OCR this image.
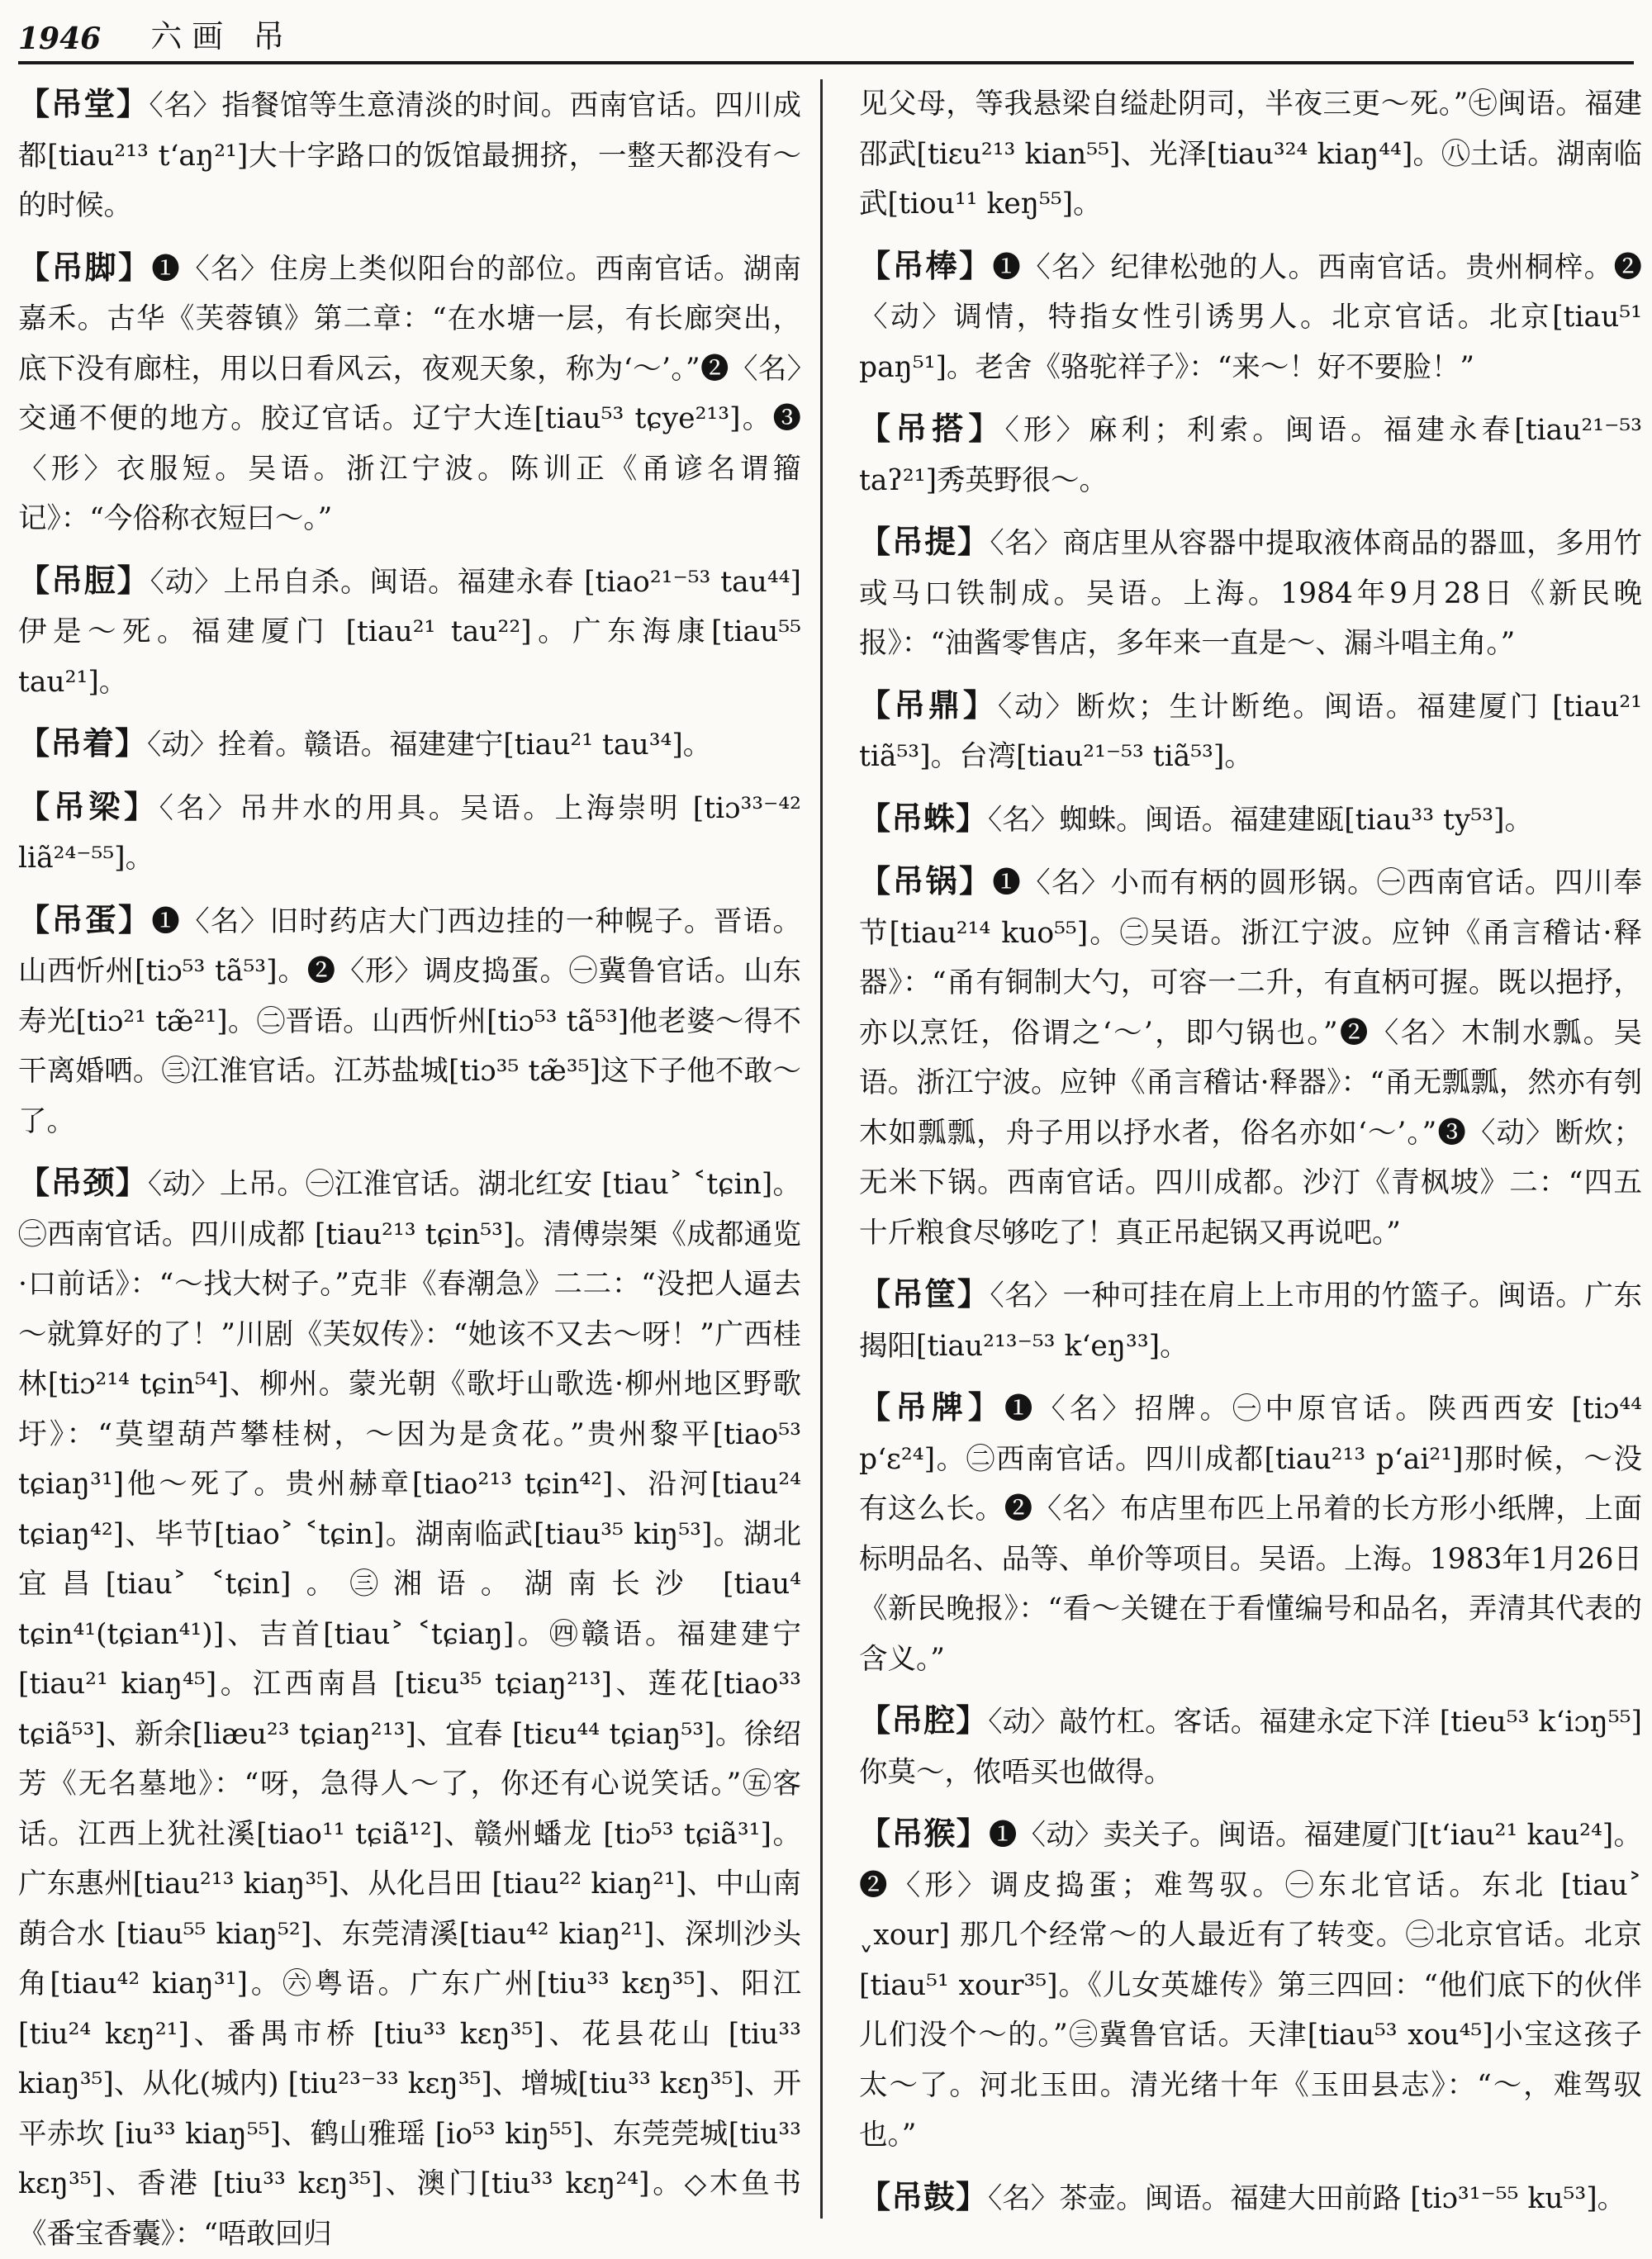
1946 六画 吊

【吊堂】〈名〉指餐馆等生意清淡的时间。西南官话。四川成都[tiau²¹³ tʻaŋ²¹]大十字路口的饭馆最拥挤，一整天都没有～的时候。

【吊脚】❶〈名〉住房上类似阳台的部位。西南官话。湖南嘉禾。古华《芙蓉镇》第二章：“在水塘一层，有长廊突出，底下没有廊柱，用以日看风云，夜观天象，称为‘～’。”❷〈名〉交通不便的地方。胶辽官话。辽宁大连[tiau⁵³ tɕye²¹³]。❸〈形〉衣服短。吴语。浙江宁波。陈训正《甬谚名谓籀记》：“今俗称衣短曰～。”

【吊脰】〈动〉上吊自杀。闽语。福建永春 [tiao²¹⁻⁵³ tau⁴⁴]伊是～死。福建厦门 [tiau²¹ tau²²]。广东海康[tiau⁵⁵ tau²¹]。

【吊着】〈动〉拴着。赣语。福建建宁[tiau²¹ tau³⁴]。

【吊梁】〈名〉吊井水的用具。吴语。上海崇明 [tiɔ³³⁻⁴² liã²⁴⁻⁵⁵]。

【吊蛋】❶〈名〉旧时药店大门西边挂的一种幌子。晋语。山西忻州[tiɔ⁵³ tã⁵³]。❷〈形〉调皮捣蛋。㊀冀鲁官话。山东寿光[tiɔ²¹ tæ̃²¹]。㊁晋语。山西忻州[tiɔ⁵³ tã⁵³]他老婆～得不干离婚哂。㊂江淮官话。江苏盐城[tiɔ³⁵ tæ̃³⁵]这下子他不敢～了。

【吊颈】〈动〉上吊。㊀江淮官话。湖北红安 [tiau˃ ˂tɕin]。㊁西南官话。四川成都 [tiau²¹³ tɕin⁵³]。清傅崇榘《成都通览·口前话》：“～找大树子。”克非《春潮急》二二：“没把人逼去～就算好的了！”川剧《芙奴传》：“她该不又去～呀！”广西桂林[tiɔ²¹⁴ tɕin⁵⁴]、柳州。蒙光朝《歌圩山歌选·柳州地区野歌圩》：“莫望葫芦攀桂树，～因为是贪花。”贵州黎平[tiao⁵³ tɕiaŋ³¹]他～死了。贵州赫章[tiao²¹³ tɕin⁴²]、沿河[tiau²⁴ tɕiaŋ⁴²]、毕节[tiao˃ ˂tɕin]。湖南临武[tiau³⁵ kiŋ⁵³]。湖北宜昌[tiau˃ ˂tɕin]。㊂湘语。湖南长沙 [tiau⁴ tɕin⁴¹(tɕian⁴¹)]、吉首[tiau˃ ˂tɕiaŋ]。㊃赣语。福建建宁[tiau²¹ kiaŋ⁴⁵]。江西南昌 [tiɛu³⁵ tɕiaŋ²¹³]、莲花[tiao³³ tɕiã⁵³]、新余[liæu²³ tɕiaŋ²¹³]、宜春 [tiɛu⁴⁴ tɕiaŋ⁵³]。徐绍芳《无名墓地》：“呀，急得人～了，你还有心说笑话。”㊄客话。江西上犹社溪[tiao¹¹ tɕiã¹²]、赣州蟠龙 [tiɔ⁵³ tɕiã³¹]。广东惠州[tiau²¹³ kiaŋ³⁵]、从化吕田 [tiau²² kiaŋ²¹]、中山南蓢合水 [tiau⁵⁵ kiaŋ⁵²]、东莞清溪[tiau⁴² kiaŋ²¹]、深圳沙头角[tiau⁴² kiaŋ³¹]。㊅粤语。广东广州[tiu³³ kɛŋ³⁵]、阳江[tiu²⁴ kɛŋ²¹]、番禺市桥 [tiu³³ kɛŋ³⁵]、花县花山 [tiu³³ kiaŋ³⁵]、从化(城内) [tiu²³⁻³³ kɛŋ³⁵]、增城[tiu³³ kɛŋ³⁵]、开平赤坎 [iu³³ kiaŋ⁵⁵]、鹤山雅瑶 [io⁵³ kiŋ⁵⁵]、东莞莞城[tiu³³ kɛŋ³⁵]、香港 [tiu³³ kɛŋ³⁵]、澳门[tiu³³ kɛŋ²⁴]。◇木鱼书《番宝香囊》：“唔敢回归

见父母，等我悬梁自缢赴阴司，半夜三更～死。”㊆闽语。福建邵武[tiɛu²¹³ kian⁵⁵]、光泽[tiau³²⁴ kiaŋ⁴⁴]。㊇土话。湖南临武[tiou¹¹ keŋ⁵⁵]。

【吊棒】❶〈名〉纪律松弛的人。西南官话。贵州桐梓。❷〈动〉调情，特指女性引诱男人。北京官话。北京[tiau⁵¹ paŋ⁵¹]。老舍《骆驼祥子》：“来～！好不要脸！”

【吊搭】〈形〉麻利；利索。闽语。福建永春[tiau²¹⁻⁵³ taʔ²¹]秀英野很～。

【吊提】〈名〉商店里从容器中提取液体商品的器皿，多用竹或马口铁制成。吴语。上海。1984年9月28日《新民晚报》：“油酱零售店，多年来一直是～、漏斗唱主角。”

【吊鼎】〈动〉断炊；生计断绝。闽语。福建厦门 [tiau²¹ tiã⁵³]。台湾[tiau²¹⁻⁵³ tiã⁵³]。

【吊蛛】〈名〉蜘蛛。闽语。福建建瓯[tiau³³ ty⁵³]。

【吊锅】❶〈名〉小而有柄的圆形锅。㊀西南官话。四川奉节[tiau²¹⁴ kuo⁵⁵]。㊁吴语。浙江宁波。应钟《甬言稽诂·释器》：“甬有铜制大勺，可容一二升，有直柄可握。既以挹抒，亦以烹饪，俗谓之‘～’，即勺锅也。”❷〈名〉木制水瓢。吴语。浙江宁波。应钟《甬言稽诂·释器》：“甬无瓢瓢，然亦有刳木如瓢瓢，舟子用以抒水者，俗名亦如‘～’。”❸〈动〉断炊；无米下锅。西南官话。四川成都。沙汀《青枫坡》二：“四五十斤粮食尽够吃了！真正吊起锅又再说吧。”

【吊筐】〈名〉一种可挂在肩上上市用的竹篮子。闽语。广东揭阳[tiau²¹³⁻⁵³ kʻeŋ³³]。

【吊牌】❶〈名〉招牌。㊀中原官话。陕西西安 [tiɔ⁴⁴ pʻɛ²⁴]。㊁西南官话。四川成都[tiau²¹³ pʻai²¹]那时候，～没有这么长。❷〈名〉布店里布匹上吊着的长方形小纸牌，上面标明品名、品等、单价等项目。吴语。上海。1983年1月26日《新民晚报》：“看～关键在于看懂编号和品名，弄清其代表的含义。”

【吊腔】〈动〉敲竹杠。客话。福建永定下洋 [tieu⁵³ kʻiɔŋ⁵⁵]你莫～，侬唔买也做得。

【吊猴】❶〈动〉卖关子。闽语。福建厦门[tʻiau²¹ kau²⁴]。❷〈形〉调皮捣蛋；难驾驭。㊀东北官话。东北 [tiau˃ ˬxour] 那几个经常～的人最近有了转变。㊁北京官话。北京 [tiau⁵¹ xour³⁵]。《儿女英雄传》第三四回：“他们底下的伙伴儿们没个～的。”㊂冀鲁官话。天津[tiau⁵³ xou⁴⁵]小宝这孩子太～了。河北玉田。清光绪十年《玉田县志》：“～，难驾驭也。”

【吊鼓】〈名〉茶壶。闽语。福建大田前路 [tiɔ³¹⁻⁵⁵ ku⁵³]。
